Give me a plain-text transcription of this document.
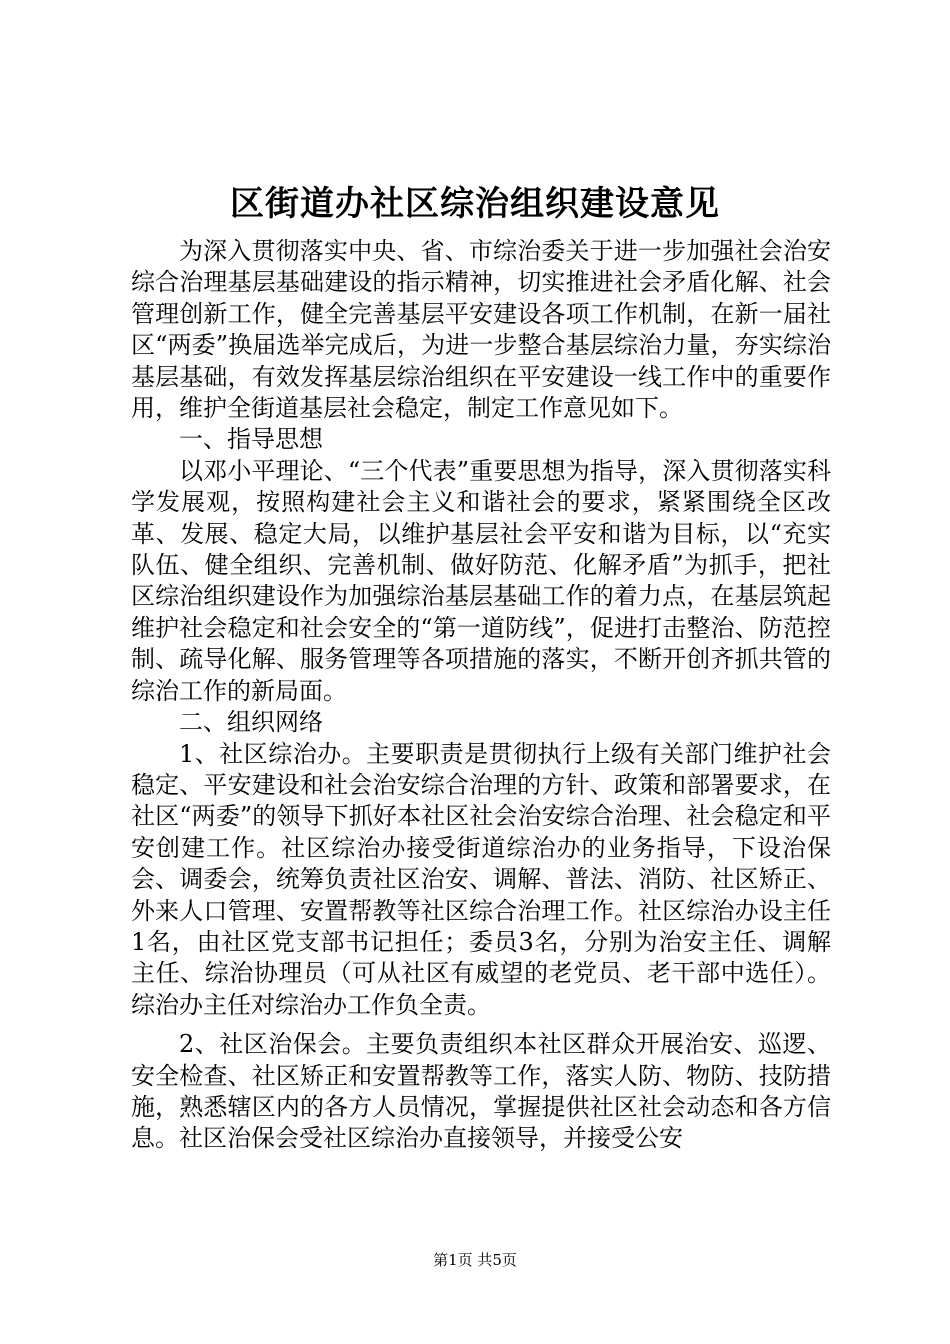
区街道办社区综治组织建设意见

为深入贯彻落实中央、省、市综治委关于进一步加强社会治安综合治理基层基础建设的指示精神，切实推进社会矛盾化解、社会管理创新工作，健全完善基层平安建设各项工作机制，在新一届社区“两委”换届选举完成后，为进一步整合基层综治力量，夯实综治基层基础，有效发挥基层综治组织在平安建设一线工作中的重要作用，维护全街道基层社会稳定，制定工作意见如下。

一、指导思想

以邓小平理论、“三个代表”重要思想为指导，深入贯彻落实科学发展观，按照构建社会主义和谐社会的要求，紧紧围绕全区改革、发展、稳定大局，以维护基层社会平安和谐为目标，以“充实队伍、健全组织、完善机制、做好防范、化解矛盾”为抓手，把社区综治组织建设作为加强综治基层基础工作的着力点，在基层筑起维护社会稳定和社会安全的“第一道防线”，促进打击整治、防范控制、疏导化解、服务管理等各项措施的落实，不断开创齐抓共管的综治工作的新局面。

二、组织网络

1、社区综治办。主要职责是贯彻执行上级有关部门维护社会稳定、平安建设和社会治安综合治理的方针、政策和部署要求，在社区“两委”的领导下抓好本社区社会治安综合治理、社会稳定和平安创建工作。社区综治办接受街道综治办的业务指导，下设治保会、调委会，统筹负责社区治安、调解、普法、消防、社区矫正、外来人口管理、安置帮教等社区综合治理工作。社区综治办设主任1名，由社区党支部书记担任；委员3名，分别为治安主任、调解主任、综治协理员（可从社区有威望的老党员、老干部中选任）。综治办主任对综治办工作负全责。

2、社区治保会。主要负责组织本社区群众开展治安、巡逻、安全检查、社区矫正和安置帮教等工作，落实人防、物防、技防措施，熟悉辖区内的各方人员情况，掌握提供社区社会动态和各方信息。社区治保会受社区综治办直接领导，并接受公安

第1页 共5页
